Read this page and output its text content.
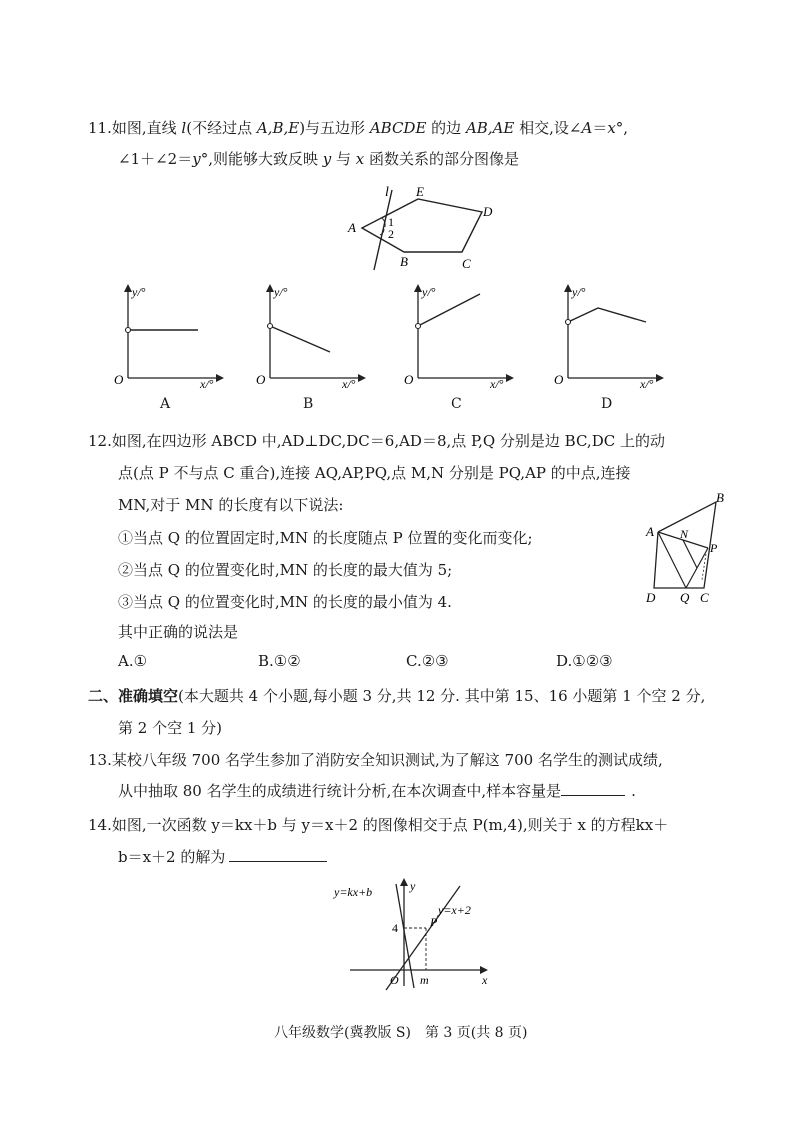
11.如图,直线 l(不经过点 A,B,E)与五边形 ABCDE 的边 AB,AE 相交,设∠A＝x°,
∠1＋∠2＝y°,则能够大致反映 y 与 x 函数关系的部分图像是
l E
D
A	1
2
B	C
y/°
x/°
O
y/°
x/°
O
y/°
x/°
O
y/°
x/°
O
A	B	C	D
12.如图,在四边形 ABCD 中,AD⊥DC,DC＝6,AD＝8,点 P,Q 分别是边 BC,DC 上的动
点(点 P 不与点 C 重合),连接 AQ,AP,PQ,点 M,N 分别是 PQ,AP 的中点,连接
MN,对于 MN 的长度有以下说法:
①当点 Q 的位置固定时,MN 的长度随点 P 位置的变化而变化;
②当点 Q 的位置变化时,MN 的长度的最大值为 5;
③当点 Q 的位置变化时,MN 的长度的最小值为 4.
其中正确的说法是
B
A N
P
D Q C
A.①	B.①②	C.②③	D.①②③
二、准确填空(本大题共 4 个小题,每小题 3 分,共 12 分. 其中第 15、16 小题第 1 个空 2 分,
第 2 个空 1 分)
13.某校八年级 700 名学生参加了消防安全知识测试,为了解这 700 名学生的测试成绩,
从中抽取 80 名学生的成绩进行统计分析,在本次调查中,样本容量是	.
14.如图,一次函数 y＝kx＋b 与 y＝x＋2 的图像相交于点 P(m,4),则关于 x 的方程kx＋
b＝x＋2 的解为
y=kx+b	y
y=x+2
4	P
O m	x
八年级数学(冀教版 S)　第 3 页(共 8 页)
